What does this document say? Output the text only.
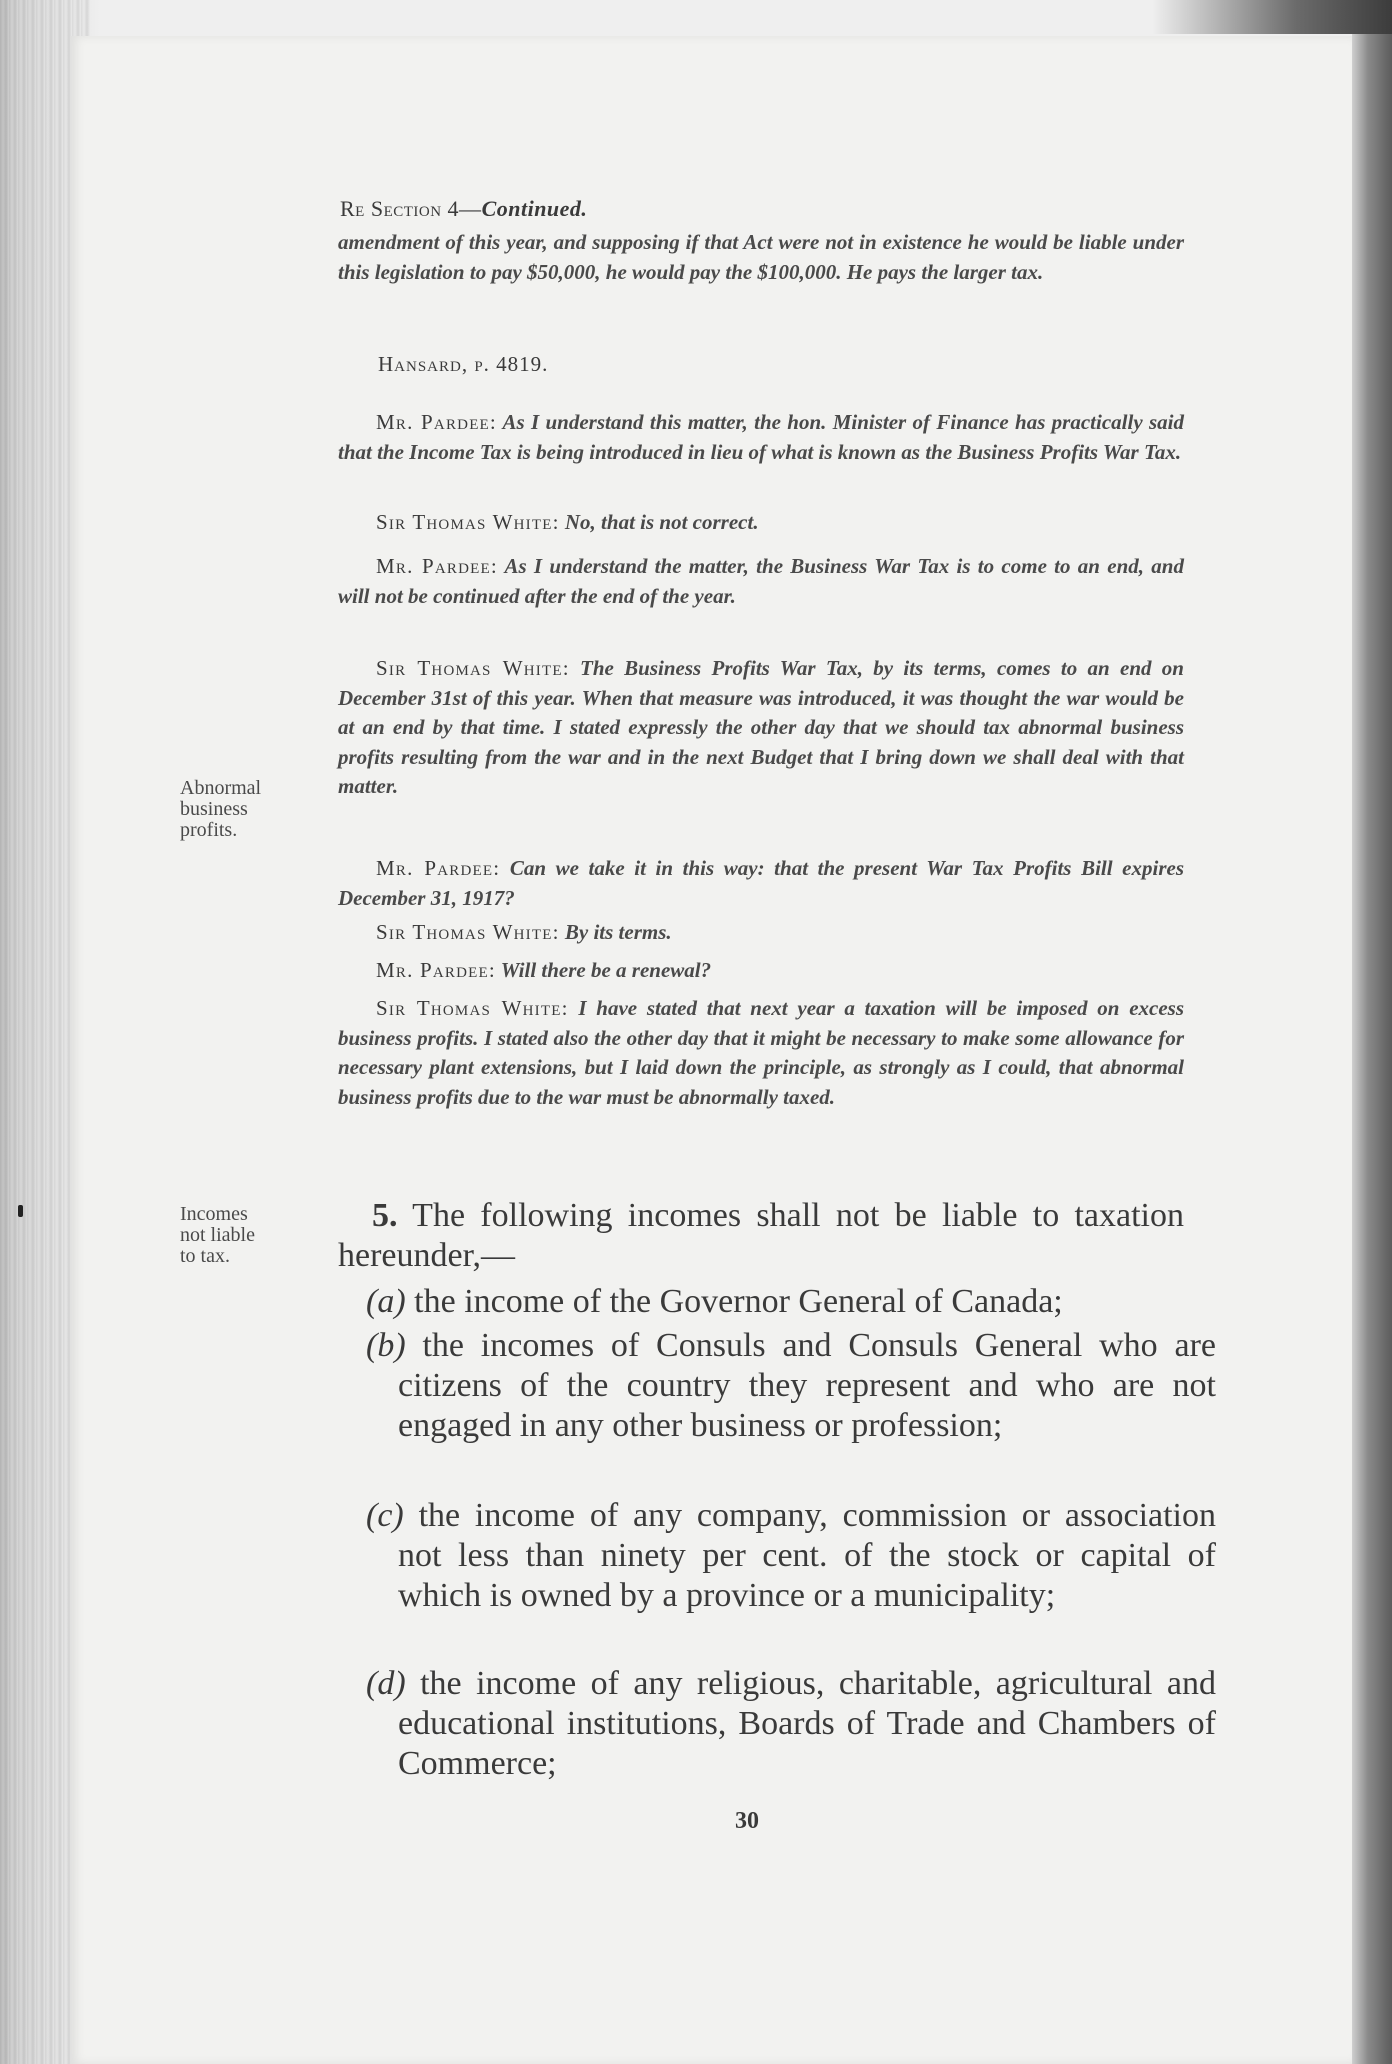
Re Section 4—Continued.
amendment of this year, and supposing if that Act were not in existence he would be liable under this legislation to pay $50,000, he would pay the $100,000. He pays the larger tax.
Hansard, p. 4819.
Mr. Pardee: As I understand this matter, the hon. Minister of Finance has practically said that the Income Tax is being introduced in lieu of what is known as the Business Profits War Tax.
Sir Thomas White: No, that is not correct.
Mr. Pardee: As I understand the matter, the Business War Tax is to come to an end, and will not be continued after the end of the year.
Sir Thomas White: The Business Profits War Tax, by its terms, comes to an end on December 31st of this year. When that measure was introduced, it was thought the war would be at an end by that time. I stated expressly the other day that we should tax abnormal business profits resulting from the war and in the next Budget that I bring down we shall deal with that matter.
Abnormal
business
profits.
Mr. Pardee: Can we take it in this way: that the present War Tax Profits Bill expires December 31, 1917?
Sir Thomas White: By its terms.
Mr. Pardee: Will there be a renewal?
Sir Thomas White: I have stated that next year a taxation will be imposed on excess business profits. I stated also the other day that it might be necessary to make some allowance for necessary plant extensions, but I laid down the principle, as strongly as I could, that abnormal business profits due to the war must be abnormally taxed.
Incomes
not liable
to tax.
5. The following incomes shall not be liable to taxation hereunder,—
(a) the income of the Governor General of Canada;
(b) the incomes of Consuls and Consuls General who are citizens of the country they represent and who are not engaged in any other business or profession;
(c) the income of any company, commission or association not less than ninety per cent. of the stock or capital of which is owned by a province or a municipality;
(d) the income of any religious, charitable, agricultural and educational institutions, Boards of Trade and Chambers of Commerce;
30
